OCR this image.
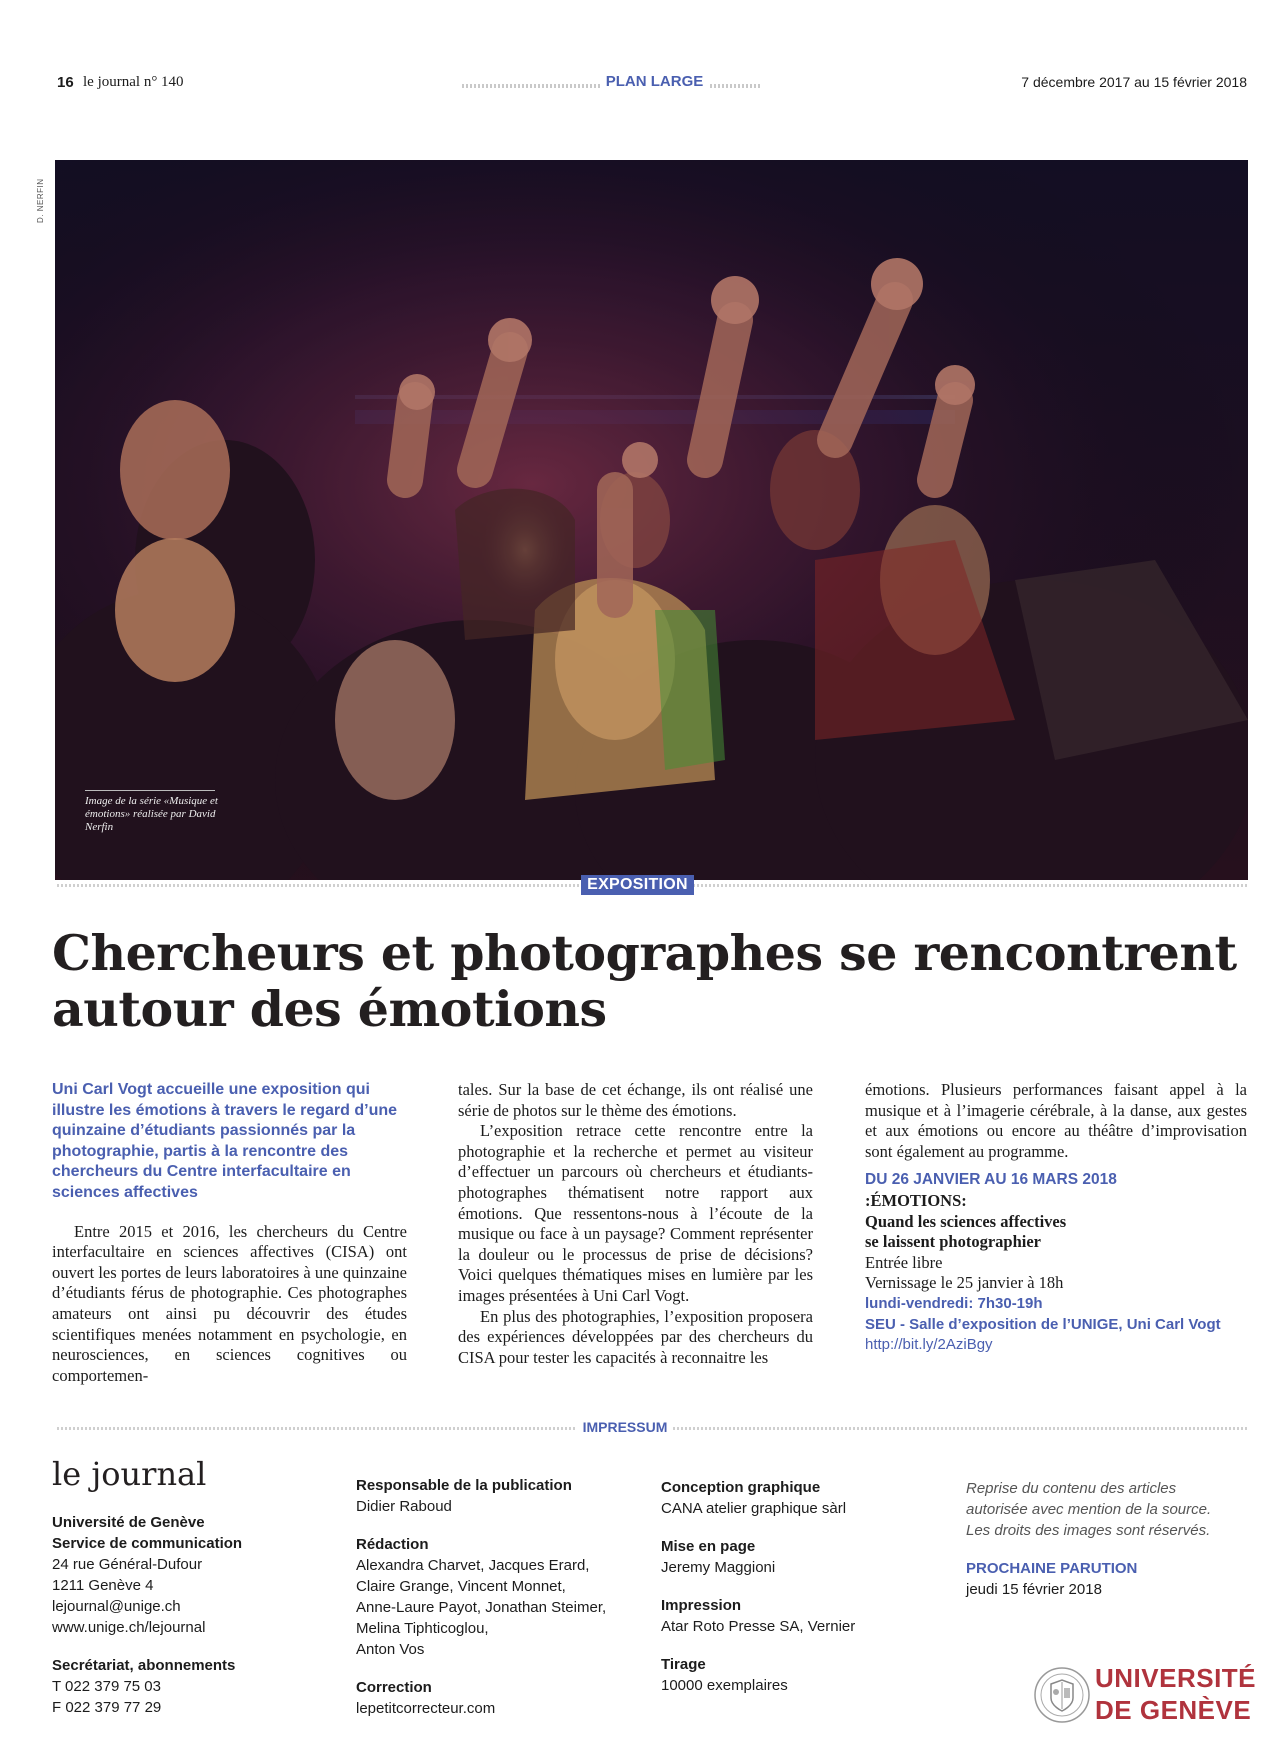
16 le journal n° 140	PLAN LARGE	7 décembre 2017 au 15 février 2018
D. NERFIN
Image de la série «Musique et émotions» réalisée par David Nerfin
EXPOSITION
Chercheurs et photographes se rencontrent
autour des émotions

Uni Carl Vogt accueille une exposition qui illustre les émotions à travers le regard d’une quinzaine d’étudiants passionnés par la photographie, partis à la rencontre des chercheurs du Centre interfacultaire en sciences affectives

Entre 2015 et 2016, les chercheurs du Centre interfacultaire en sciences affectives (CISA) ont ouvert les portes de leurs laboratoires à une quinzaine d’étudiants férus de photographie. Ces photographes amateurs ont ainsi pu découvrir des études scientifiques menées notamment en psychologie, en neurosciences, en sciences cognitives ou comportemen-

tales. Sur la base de cet échange, ils ont réalisé une série de photos sur le thème des émotions.

L’exposition retrace cette rencontre entre la photographie et la recherche et permet au visiteur d’effectuer un parcours où chercheurs et étudiants-photographes thématisent notre rapport aux émotions. Que ressentons-nous à l’écoute de la musique ou face à un paysage? Comment représenter la douleur ou le processus de prise de décisions? Voici quelques thématiques mises en lumière par les images présentées à Uni Carl Vogt.

En plus des photographies, l’exposition proposera des expériences développées par des chercheurs du CISA pour tester les capacités à reconnaitre les

émotions. Plusieurs performances faisant appel à la musique et à l’imagerie cérébrale, à la danse, aux gestes et aux émotions ou encore au théâtre d’improvisation sont également au programme.

DU 26 JANVIER AU 16 MARS 2018
:ÉMOTIONS:
Quand les sciences affectives
se laissent photographier
Entrée libre
Vernissage le 25 janvier à 18h
lundi-vendredi: 7h30-19h
SEU - Salle d’exposition de l’UNIGE, Uni Carl Vogt
http://bit.ly/2AziBgy
IMPRESSUM
le journal
Université de Genève
Service de communication
24 rue Général-Dufour
1211 Genève 4
lejournal@unige.ch
www.unige.ch/lejournal
Secrétariat, abonnements
T 022 379 75 03
F 022 379 77 29
Responsable de la publication
Didier Raboud
Rédaction
Alexandra Charvet, Jacques Erard,
Claire Grange, Vincent Monnet,
Anne-Laure Payot, Jonathan Steimer,
Melina Tiphticoglou,
Anton Vos
Correction
lepetitcorrecteur.com
Conception graphique
CANA atelier graphique sàrl
Mise en page
Jeremy Maggioni
Impression
Atar Roto Presse SA, Vernier
Tirage
10000 exemplaires
Reprise du contenu des articles
autorisée avec mention de la source.
Les droits des images sont réservés.
PROCHAINE PARUTION
jeudi 15 février 2018
UNIVERSITÉ
DE GENÈVE
